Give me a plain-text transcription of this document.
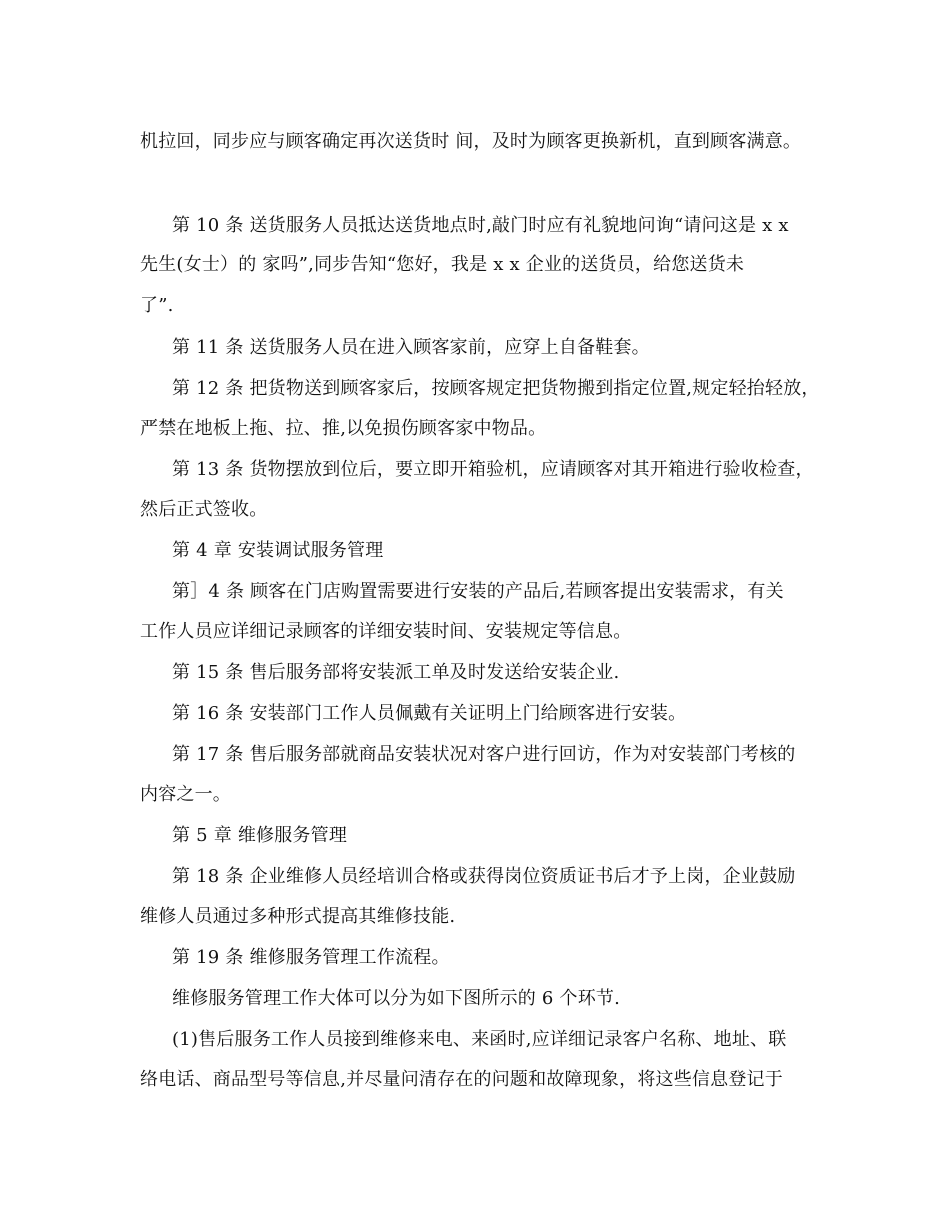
机拉回，同步应与顾客确定再次送货时 间，及时为顾客更换新机，直到顾客满意。
第 10 条 送货服务人员抵达送货地点时,敲门时应有礼貌地问询“请问这是 x x
先生(女士）的 家吗”,同步告知“您好，我是 x x 企业的送货员，给您送货未
了”.
第 11 条 送货服务人员在进入顾客家前，应穿上自备鞋套。
第 12 条 把货物送到顾客家后，按顾客规定把货物搬到指定位置,规定轻抬轻放，
严禁在地板上拖、拉、推,以免损伤顾客家中物品。
第 13 条 货物摆放到位后，要立即开箱验机，应请顾客对其开箱进行验收检查，
然后正式签收。
第 4 章 安装调试服务管理
第］4 条 顾客在门店购置需要进行安装的产品后,若顾客提出安装需求，有关
工作人员应详细记录顾客的详细安装时间、安装规定等信息。
第 15 条 售后服务部将安装派工单及时发送给安装企业.
第 16 条 安装部门工作人员佩戴有关证明上门给顾客进行安装。
第 17 条 售后服务部就商品安装状况对客户进行回访，作为对安装部门考核的
内容之一。
第 5 章 维修服务管理
第 18 条 企业维修人员经培训合格或获得岗位资质证书后才予上岗，企业鼓励
维修人员通过多种形式提高其维修技能.
第 19 条 维修服务管理工作流程。
维修服务管理工作大体可以分为如下图所示的 6 个环节.
(1)售后服务工作人员接到维修来电、来函时,应详细记录客户名称、地址、联
络电话、商品型号等信息,并尽量问清存在的问题和故障现象，将这些信息登记于
